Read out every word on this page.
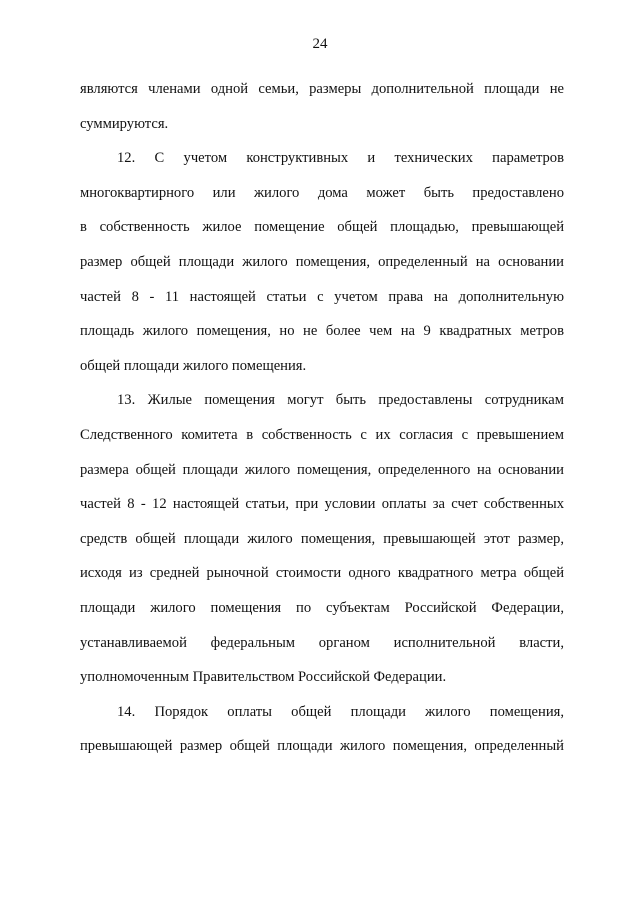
24

являются членами одной семьи, размеры дополнительной площади не

суммируются.

12. С учетом конструктивных и технических параметров

многоквартирного или жилого дома может быть предоставлено

в собственность жилое помещение общей площадью, превышающей

размер общей площади жилого помещения, определенный на основании

частей 8 - 11 настоящей статьи с учетом права на дополнительную

площадь жилого помещения, но не более чем на 9 квадратных метров

общей площади жилого помещения.

13. Жилые помещения могут быть предоставлены сотрудникам

Следственного комитета в собственность с их согласия с превышением

размера общей площади жилого помещения, определенного на основании

частей 8 - 12 настоящей статьи, при условии оплаты за счет собственных

средств общей площади жилого помещения, превышающей этот размер,

исходя из средней рыночной стоимости одного квадратного метра общей

площади жилого помещения по субъектам Российской Федерации,

устанавливаемой федеральным органом исполнительной власти,

уполномоченным Правительством Российской Федерации.

14. Порядок оплаты общей площади жилого помещения,

превышающей размер общей площади жилого помещения, определенный
